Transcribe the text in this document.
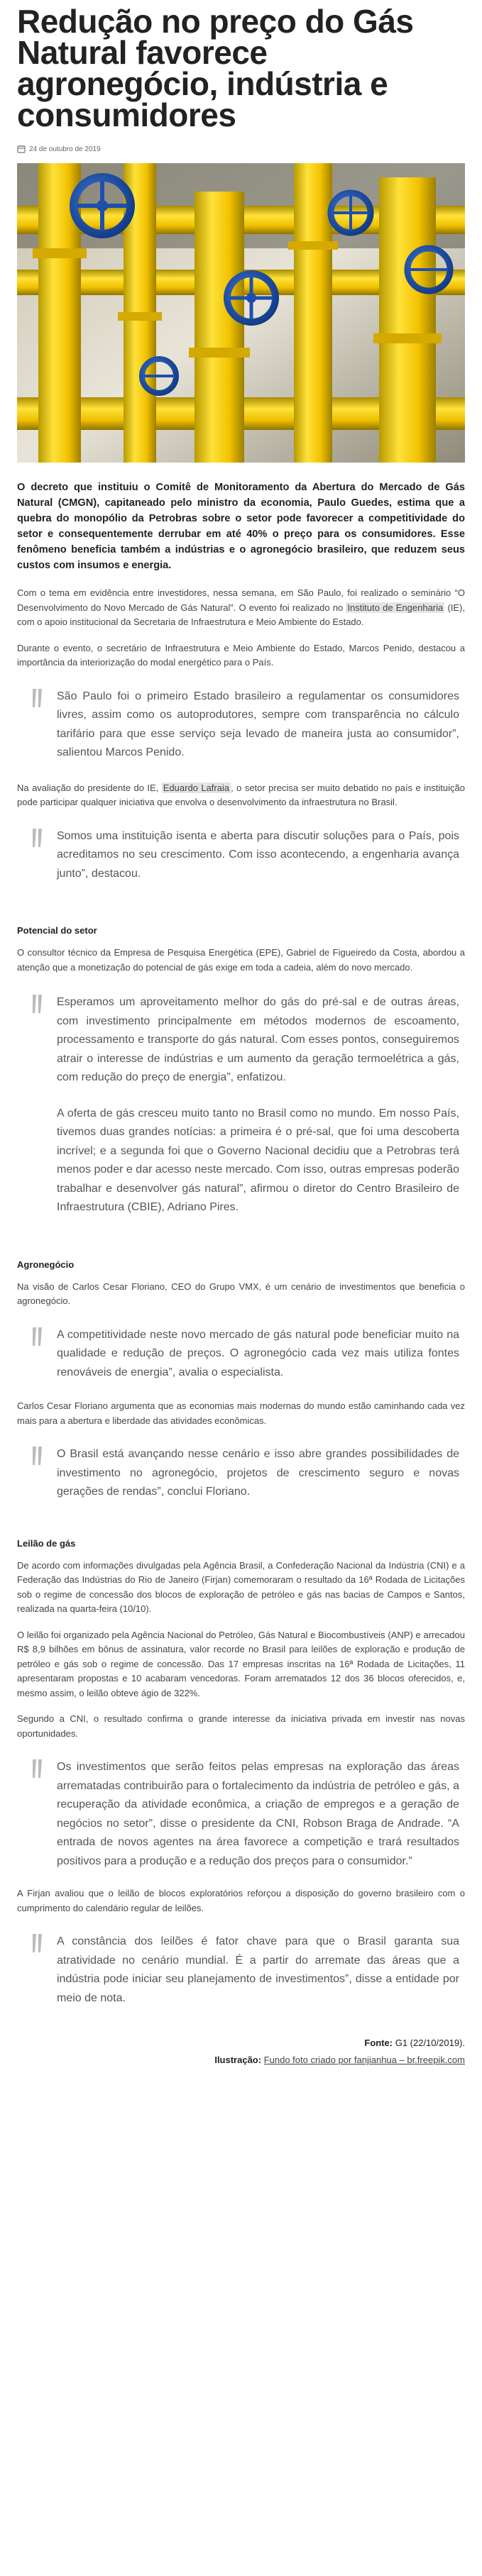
Redução no preço do Gás Natural favorece agronegócio, indústria e consumidores
24 de outubro de 2019

O decreto que instituiu o Comitê de Monitoramento da Abertura do Mercado de Gás Natural (CMGN), capitaneado pelo ministro da economia, Paulo Guedes, estima que a quebra do monopólio da Petrobras sobre o setor pode favorecer a competitividade do setor e consequentemente derrubar em até 40% o preço para os consumidores. Esse fenômeno beneficia também a indústrias e o agronegócio brasileiro, que reduzem seus custos com insumos e energia.

Com o tema em evidência entre investidores, nessa semana, em São Paulo, foi realizado o seminário “O Desenvolvimento do Novo Mercado de Gás Natural”. O evento foi realizado no Instituto de Engenharia (IE), com o apoio institucional da Secretaria de Infraestrutura e Meio Ambiente do Estado.

Durante o evento, o secretário de Infraestrutura e Meio Ambiente do Estado, Marcos Penido, destacou a importância da interiorização do modal energético para o País.

São Paulo foi o primeiro Estado brasileiro a regulamentar os consumidores livres, assim como os autoprodutores, sempre com transparência no cálculo tarifário para que esse serviço seja levado de maneira justa ao consumidor”, salientou Marcos Penido.

Na avaliação do presidente do IE, Eduardo Lafraia , o setor precisa ser muito debatido no país e instituição pode participar qualquer iniciativa que envolva o desenvolvimento da infraestrutura no Brasil.

Somos uma instituição isenta e aberta para discutir soluções para o País, pois acreditamos no seu crescimento. Com isso acontecendo, a engenharia avança junto”, destacou.

Potencial do setor

O consultor técnico da Empresa de Pesquisa Energética (EPE), Gabriel de Figueiredo da Costa, abordou a atenção que a monetização do potencial de gás exige em toda a cadeia, além do novo mercado.

Esperamos um aproveitamento melhor do gás do pré-sal e de outras áreas, com investimento principalmente em métodos modernos de escoamento, processamento e transporte do gás natural. Com esses pontos, conseguiremos atrair o interesse de indústrias e um aumento da geração termoelétrica a gás, com redução do preço de energia”, enfatizou.

A oferta de gás cresceu muito tanto no Brasil como no mundo. Em nosso País, tivemos duas grandes notícias: a primeira é o pré-sal, que foi uma descoberta incrível; e a segunda foi que o Governo Nacional decidiu que a Petrobras terá menos poder e dar acesso neste mercado. Com isso, outras empresas poderão trabalhar e desenvolver gás natural”, afirmou o diretor do Centro Brasileiro de Infraestrutura (CBIE), Adriano Pires.

Agronegócio

Na visão de Carlos Cesar Floriano, CEO do Grupo VMX, é um cenário de investimentos que beneficia o agronegócio.

A competitividade neste novo mercado de gás natural pode beneficiar muito na qualidade e redução de preços. O agronegócio cada vez mais utiliza fontes renováveis de energia”, avalia o especialista.

Carlos Cesar Floriano argumenta que as economias mais modernas do mundo estão caminhando cada vez mais para a abertura e liberdade das atividades econômicas.

O Brasil está avançando nesse cenário e isso abre grandes possibilidades de investimento no agronegócio, projetos de crescimento seguro e novas gerações de rendas”, conclui Floriano.

Leilão de gás

De acordo com informações divulgadas pela Agência Brasil, a Confederação Nacional da Indústria (CNI) e a Federação das Indústrias do Rio de Janeiro (Firjan) comemoraram o resultado da 16ª Rodada de Licitações sob o regime de concessão dos blocos de exploração de petróleo e gás nas bacias de Campos e Santos, realizada na quarta-feira (10/10).

O leilão foi organizado pela Agência Nacional do Petróleo, Gás Natural e Biocombustíveis (ANP) e arrecadou R$ 8,9 bilhões em bônus de assinatura, valor recorde no Brasil para leilões de exploração e produção de petróleo e gás sob o regime de concessão. Das 17 empresas inscritas na 16ª Rodada de Licitações, 11 apresentaram propostas e 10 acabaram vencedoras. Foram arrematados 12 dos 36 blocos oferecidos, e, mesmo assim, o leilão obteve ágio de 322%.

Segundo a CNI, o resultado confirma o grande interesse da iniciativa privada em investir nas novas oportunidades.

Os investimentos que serão feitos pelas empresas na exploração das áreas arrematadas contribuirão para o fortalecimento da indústria de petróleo e gás, a recuperação da atividade econômica, a criação de empregos e a geração de negócios no setor”, disse o presidente da CNI, Robson Braga de Andrade. “A entrada de novos agentes na área favorece a competição e trará resultados positivos para a produção e a redução dos preços para o consumidor.”

A Firjan avaliou que o leilão de blocos exploratórios reforçou a disposição do governo brasileiro com o cumprimento do calendário regular de leilões.

A constância dos leilões é fator chave para que o Brasil garanta sua atratividade no cenário mundial. É a partir do arremate das áreas que a indústria pode iniciar seu planejamento de investimentos”, disse a entidade por meio de nota.

Fonte: G1 (22/10/2019).
Ilustração: Fundo foto criado por fanjianhua – br.freepik.com
